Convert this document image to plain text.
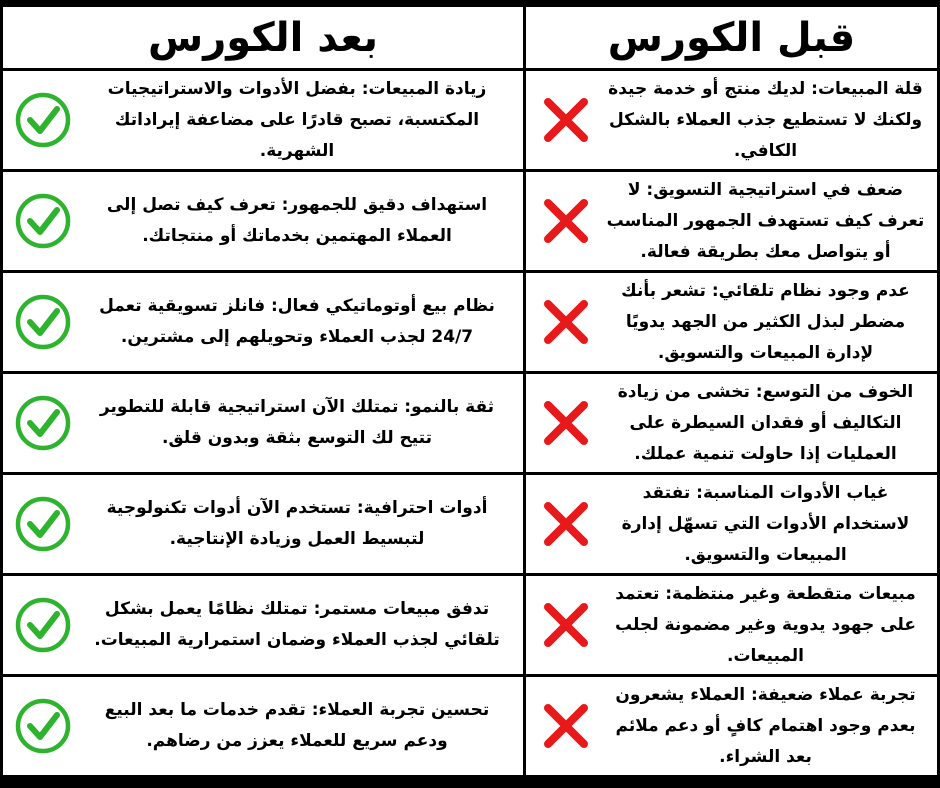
بعد الكورس	قبل الكورس
زيادة المبيعات: بفضل الأدوات والاستراتيجيات المكتسبة، تصبح قادرًا على مضاعفة إيراداتك الشهرية.
قلة المبيعات: لديك منتج أو خدمة جيدة ولكنك لا تستطيع جذب العملاء بالشكل الكافي.
استهداف دقيق للجمهور: تعرف كيف تصل إلى العملاء المهتمين بخدماتك أو منتجاتك.
ضعف في استراتيجية التسويق: لا تعرف كيف تستهدف الجمهور المناسب أو يتواصل معك بطريقة فعالة.
نظام بيع أوتوماتيكي فعال: فانلز تسويقية تعمل 24/7 لجذب العملاء وتحويلهم إلى مشترين.
عدم وجود نظام تلقائي: تشعر بأنك مضطر لبذل الكثير من الجهد يدويًا لإدارة المبيعات والتسويق.
ثقة بالنمو: تمتلك الآن استراتيجية قابلة للتطوير تتيح لك التوسع بثقة وبدون قلق.
الخوف من التوسع: تخشى من زيادة التكاليف أو فقدان السيطرة على العمليات إذا حاولت تنمية عملك.
أدوات احترافية: تستخدم الآن أدوات تكنولوجية لتبسيط العمل وزيادة الإنتاجية.
غياب الأدوات المناسبة: تفتقد لاستخدام الأدوات التي تسهّل إدارة المبيعات والتسويق.
تدفق مبيعات مستمر: تمتلك نظامًا يعمل بشكل تلقائي لجذب العملاء وضمان استمرارية المبيعات.
مبيعات متقطعة وغير منتظمة: تعتمد على جهود يدوية وغير مضمونة لجلب المبيعات.
تحسين تجربة العملاء: تقدم خدمات ما بعد البيع ودعم سريع للعملاء يعزز من رضاهم.
تجربة عملاء ضعيفة: العملاء يشعرون بعدم وجود اهتمام كافٍ أو دعم ملائم بعد الشراء.
